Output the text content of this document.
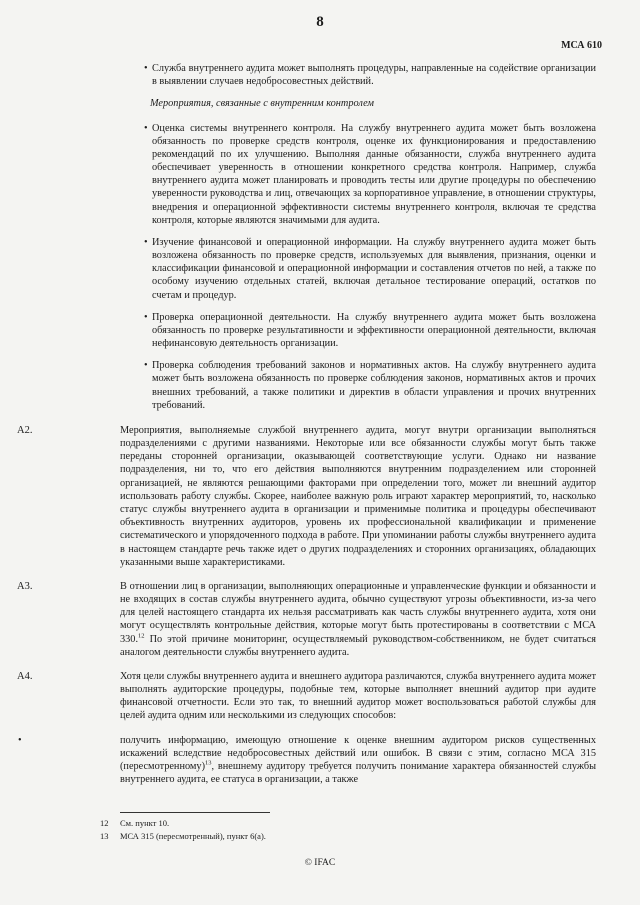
8
МСА 610
Служба внутреннего аудита может выполнять процедуры, направленные на содействие организации в выявлении случаев недобросовестных действий.
Мероприятия, связанные с внутренним контролем
Оценка системы внутреннего контроля. На службу внутреннего аудита может быть возложена обязанность по проверке средств контроля, оценке их функционирования и предоставлению рекомендаций по их улучшению. Выполняя данные обязанности, служба внутреннего аудита обеспечивает уверенность в отношении конкретного средства контроля. Например, служба внутреннего аудита может планировать и проводить тесты или другие процедуры по обеспечению уверенности руководства и лиц, отвечающих за корпоративное управление, в отношении структуры, внедрения и операционной эффективности системы внутреннего контроля, включая те средства контроля, которые являются значимыми для аудита.
Изучение финансовой и операционной информации. На службу внутреннего аудита может быть возложена обязанность по проверке средств, используемых для выявления, признания, оценки и классификации финансовой и операционной информации и составления отчетов по ней, а также по особому изучению отдельных статей, включая детальное тестирование операций, остатков по счетам и процедур.
Проверка операционной деятельности. На службу внутреннего аудита может быть возложена обязанность по проверке результативности и эффективности операционной деятельности, включая нефинансовую деятельность организации.
Проверка соблюдения требований законов и нормативных актов. На службу внутреннего аудита может быть возложена обязанность по проверке соблюдения законов, нормативных актов и прочих внешних требований, а также политики и директив в области управления и прочих внутренних требований.
A2.	Мероприятия, выполняемые службой внутреннего аудита, могут внутри организации выполняться подразделениями с другими названиями. Некоторые или все обязанности службы могут быть также переданы сторонней организации, оказывающей соответствующие услуги. Однако ни название подразделения, ни то, что его действия выполняются внутренним подразделением или сторонней организацией, не являются решающими факторами при определении того, может ли внешний аудитор использовать работу службы. Скорее, наиболее важную роль играют характер мероприятий, то, насколько статус службы внутреннего аудита в организации и применимые политика и процедуры обеспечивают объективность внутренних аудиторов, уровень их профессиональной квалификации и применение систематического и упорядоченного подхода в работе. При упоминании работы службы внутреннего аудита в настоящем стандарте речь также идет о других подразделениях и сторонних организациях, обладающих указанными выше характеристиками.
A3.	В отношении лиц в организации, выполняющих операционные и управленческие функции и обязанности и не входящих в состав службы внутреннего аудита, обычно существуют угрозы объективности, из-за чего для целей настоящего стандарта их нельзя рассматривать как часть службы внутреннего аудита, хотя они могут осуществлять контрольные действия, которые могут быть протестированы в соответствии с МСА 330.12 По этой причине мониторинг, осуществляемый руководством-собственником, не будет считаться аналогом деятельности службы внутреннего аудита.
A4.	Хотя цели службы внутреннего аудита и внешнего аудитора различаются, служба внутреннего аудита может выполнять аудиторские процедуры, подобные тем, которые выполняет внешний аудитор при аудите финансовой отчетности. Если это так, то внешний аудитор может воспользоваться работой службы для целей аудита одним или несколькими из следующих способов:
•
получить информацию, имеющую отношение к оценке внешним аудитором рисков существенных искажений вследствие недобросовестных действий или ошибок. В связи с этим, согласно МСА 315 (пересмотренному)$^{13}$, внешнему аудитору требуется получить понимание характера обязанностей службы внутреннего аудита, ее статуса в организации, а также
12 См. пункт 10.
13 МСА 315 (пересмотренный), пункт 6(а).
© IFAC
